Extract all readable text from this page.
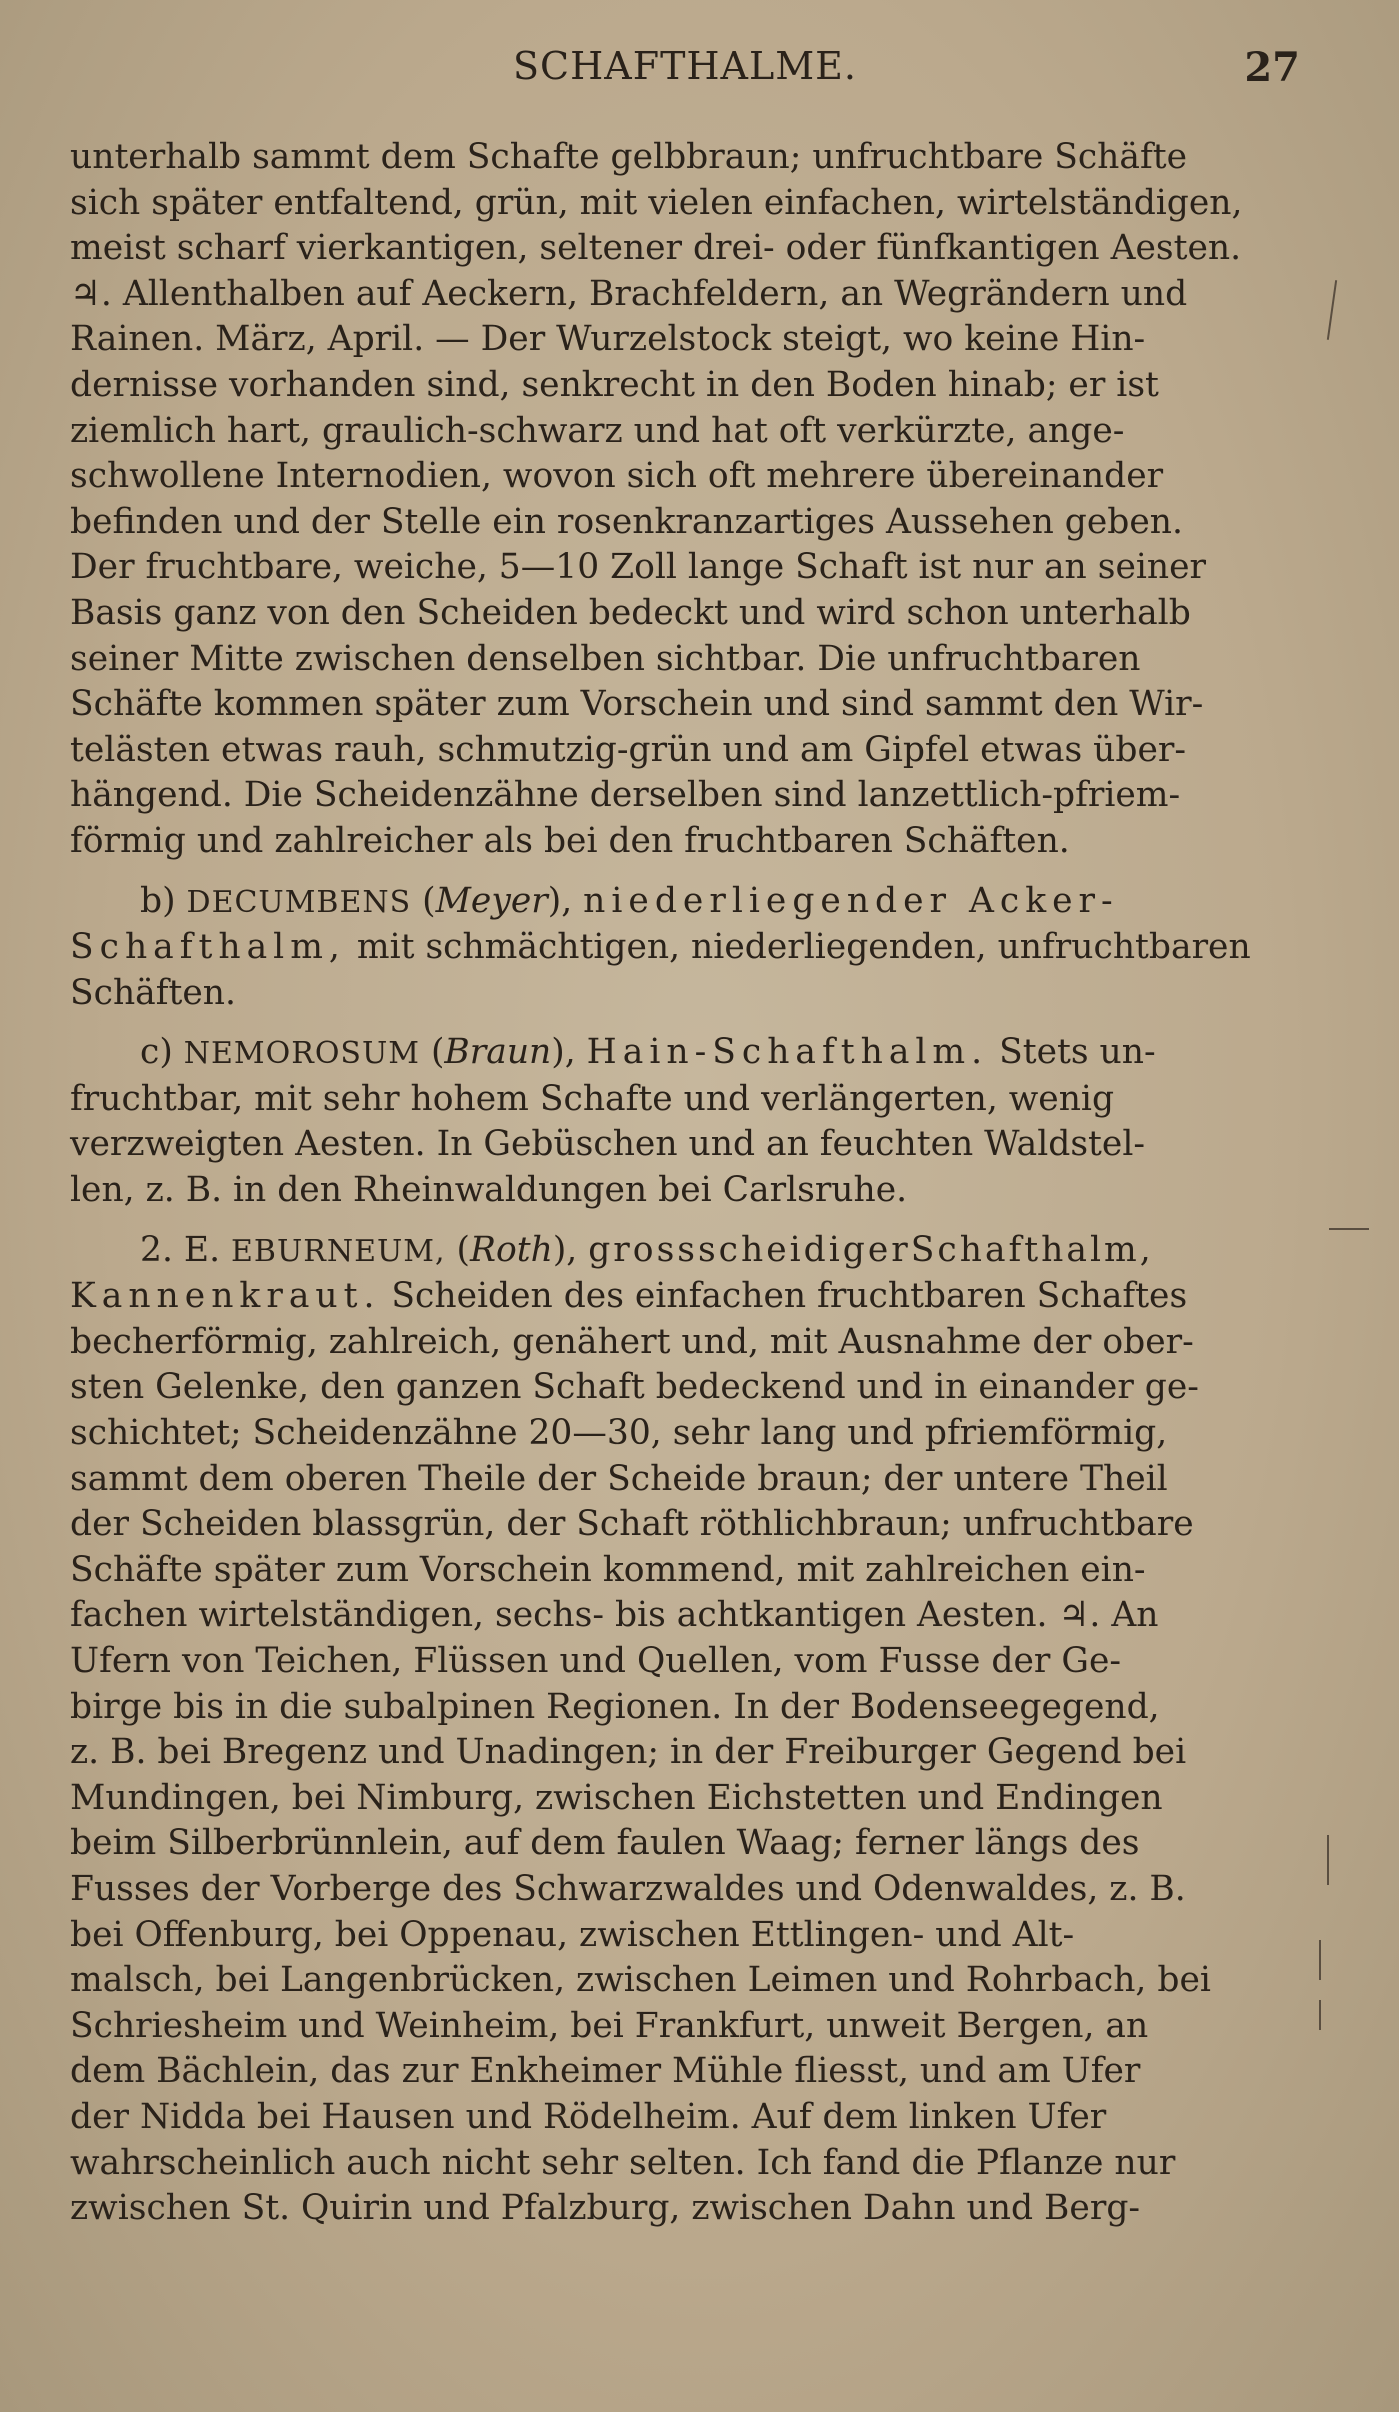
SCHAFTHALME.	27

unterhalb sammt dem Schafte gelbbraun; unfruchtbare Schäfte
sich später entfaltend, grün, mit vielen einfachen, wirtelständigen,
meist scharf vierkantigen, seltener drei- oder fünfkantigen Aesten.
♃. Allenthalben auf Aeckern, Brachfeldern, an Wegrändern und
Rainen. März, April. — Der Wurzelstock steigt, wo keine Hin-
dernisse vorhanden sind, senkrecht in den Boden hinab; er ist
ziemlich hart, graulich-schwarz und hat oft verkürzte, ange-
schwollene Internodien, wovon sich oft mehrere übereinander
befinden und der Stelle ein rosenkranzartiges Aussehen geben.
Der fruchtbare, weiche, 5—10 Zoll lange Schaft ist nur an seiner
Basis ganz von den Scheiden bedeckt und wird schon unterhalb
seiner Mitte zwischen denselben sichtbar. Die unfruchtbaren
Schäfte kommen später zum Vorschein und sind sammt den Wir-
telästen etwas rauh, schmutzig-grün und am Gipfel etwas über-
hängend. Die Scheidenzähne derselben sind lanzettlich-pfriem-
förmig und zahlreicher als bei den fruchtbaren Schäften.

b) DECUMBENS (Meyer), niederliegender Acker-
Schafthalm, mit schmächtigen, niederliegenden, unfruchtbaren
Schäften.

c) NEMOROSUM (Braun), Hain-Schafthalm. Stets un-
fruchtbar, mit sehr hohem Schafte und verlängerten, wenig
verzweigten Aesten. In Gebüschen und an feuchten Waldstel-
len, z. B. in den Rheinwaldungen bei Carlsruhe.

2. E. EBURNEUM, (Roth), grossscheidigerSchafthalm,
Kannenkraut. Scheiden des einfachen fruchtbaren Schaftes
becherförmig, zahlreich, genähert und, mit Ausnahme der ober-
sten Gelenke, den ganzen Schaft bedeckend und in einander ge-
schichtet; Scheidenzähne 20—30, sehr lang und pfriemförmig,
sammt dem oberen Theile der Scheide braun; der untere Theil
der Scheiden blassgrün, der Schaft röthlichbraun; unfruchtbare
Schäfte später zum Vorschein kommend, mit zahlreichen ein-
fachen wirtelständigen, sechs- bis achtkantigen Aesten. ♃. An
Ufern von Teichen, Flüssen und Quellen, vom Fusse der Ge-
birge bis in die subalpinen Regionen. In der Bodenseegegend,
z. B. bei Bregenz und Unadingen; in der Freiburger Gegend bei
Mundingen, bei Nimburg, zwischen Eichstetten und Endingen
beim Silberbrünnlein, auf dem faulen Waag; ferner längs des
Fusses der Vorberge des Schwarzwaldes und Odenwaldes, z. B.
bei Offenburg, bei Oppenau, zwischen Ettlingen- und Alt-
malsch, bei Langenbrücken, zwischen Leimen und Rohrbach, bei
Schriesheim und Weinheim, bei Frankfurt, unweit Bergen, an
dem Bächlein, das zur Enkheimer Mühle fliesst, und am Ufer
der Nidda bei Hausen und Rödelheim. Auf dem linken Ufer
wahrscheinlich auch nicht sehr selten. Ich fand die Pflanze nur
zwischen St. Quirin und Pfalzburg, zwischen Dahn und Berg-
